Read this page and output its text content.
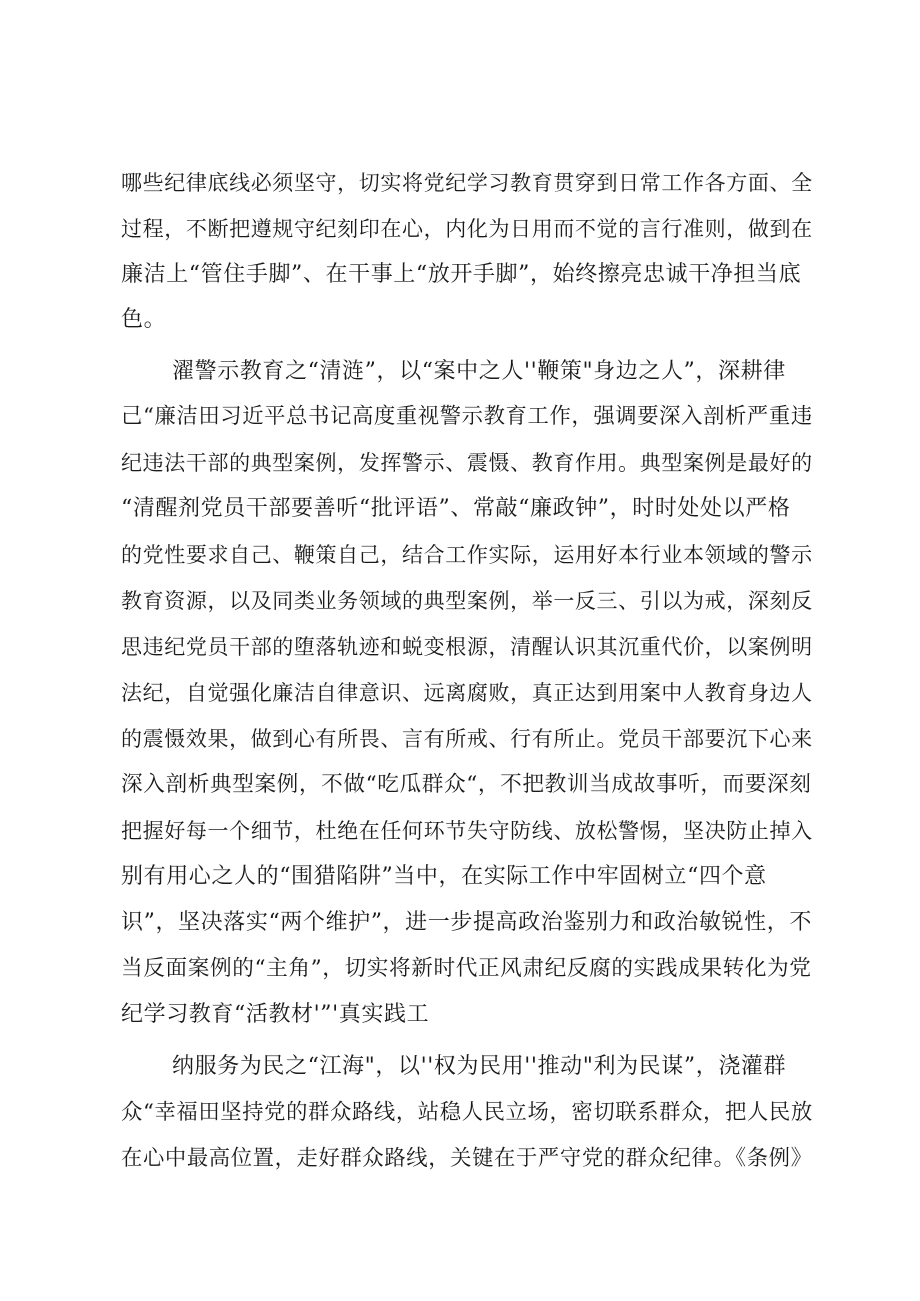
哪些纪律底线必须坚守，切实将党纪学习教育贯穿到日常工作各方面、全
过程，不断把遵规守纪刻印在心，内化为日用而不觉的言行准则，做到在
廉洁上“管住手脚”、在干事上“放开手脚”，始终擦亮忠诚干净担当底
色。
濯警示教育之“清涟”，以“案中之人''鞭策"身边之人”，深耕律
己“廉洁田习近平总书记高度重视警示教育工作，强调要深入剖析严重违
纪违法干部的典型案例，发挥警示、震慑、教育作用。典型案例是最好的
“清醒剂党员干部要善听“批评语”、常敲“廉政钟”，时时处处以严格
的党性要求自己、鞭策自己，结合工作实际，运用好本行业本领域的警示
教育资源，以及同类业务领域的典型案例，举一反三、引以为戒，深刻反
思违纪党员干部的堕落轨迹和蜕变根源，清醒认识其沉重代价，以案例明
法纪，自觉强化廉洁自律意识、远离腐败，真正达到用案中人教育身边人
的震慑效果，做到心有所畏、言有所戒、行有所止。党员干部要沉下心来
深入剖析典型案例，不做“吃瓜群众“，不把教训当成故事听，而要深刻
把握好每一个细节，杜绝在任何环节失守防线、放松警惕，坚决防止掉入
别有用心之人的“围猎陷阱”当中，在实际工作中牢固树立“四个意
识”，坚决落实“两个维护”，进一步提高政治鉴别力和政治敏锐性，不
当反面案例的“主角”，切实将新时代正风肃纪反腐的实践成果转化为党
纪学习教育“活教材'”'真实践工
纳服务为民之“江海"，以''权为民用''推动"利为民谋”，浇灌群
众“幸福田坚持党的群众路线，站稳人民立场，密切联系群众，把人民放
在心中最高位置，走好群众路线，关键在于严守党的群众纪律。《条例》
